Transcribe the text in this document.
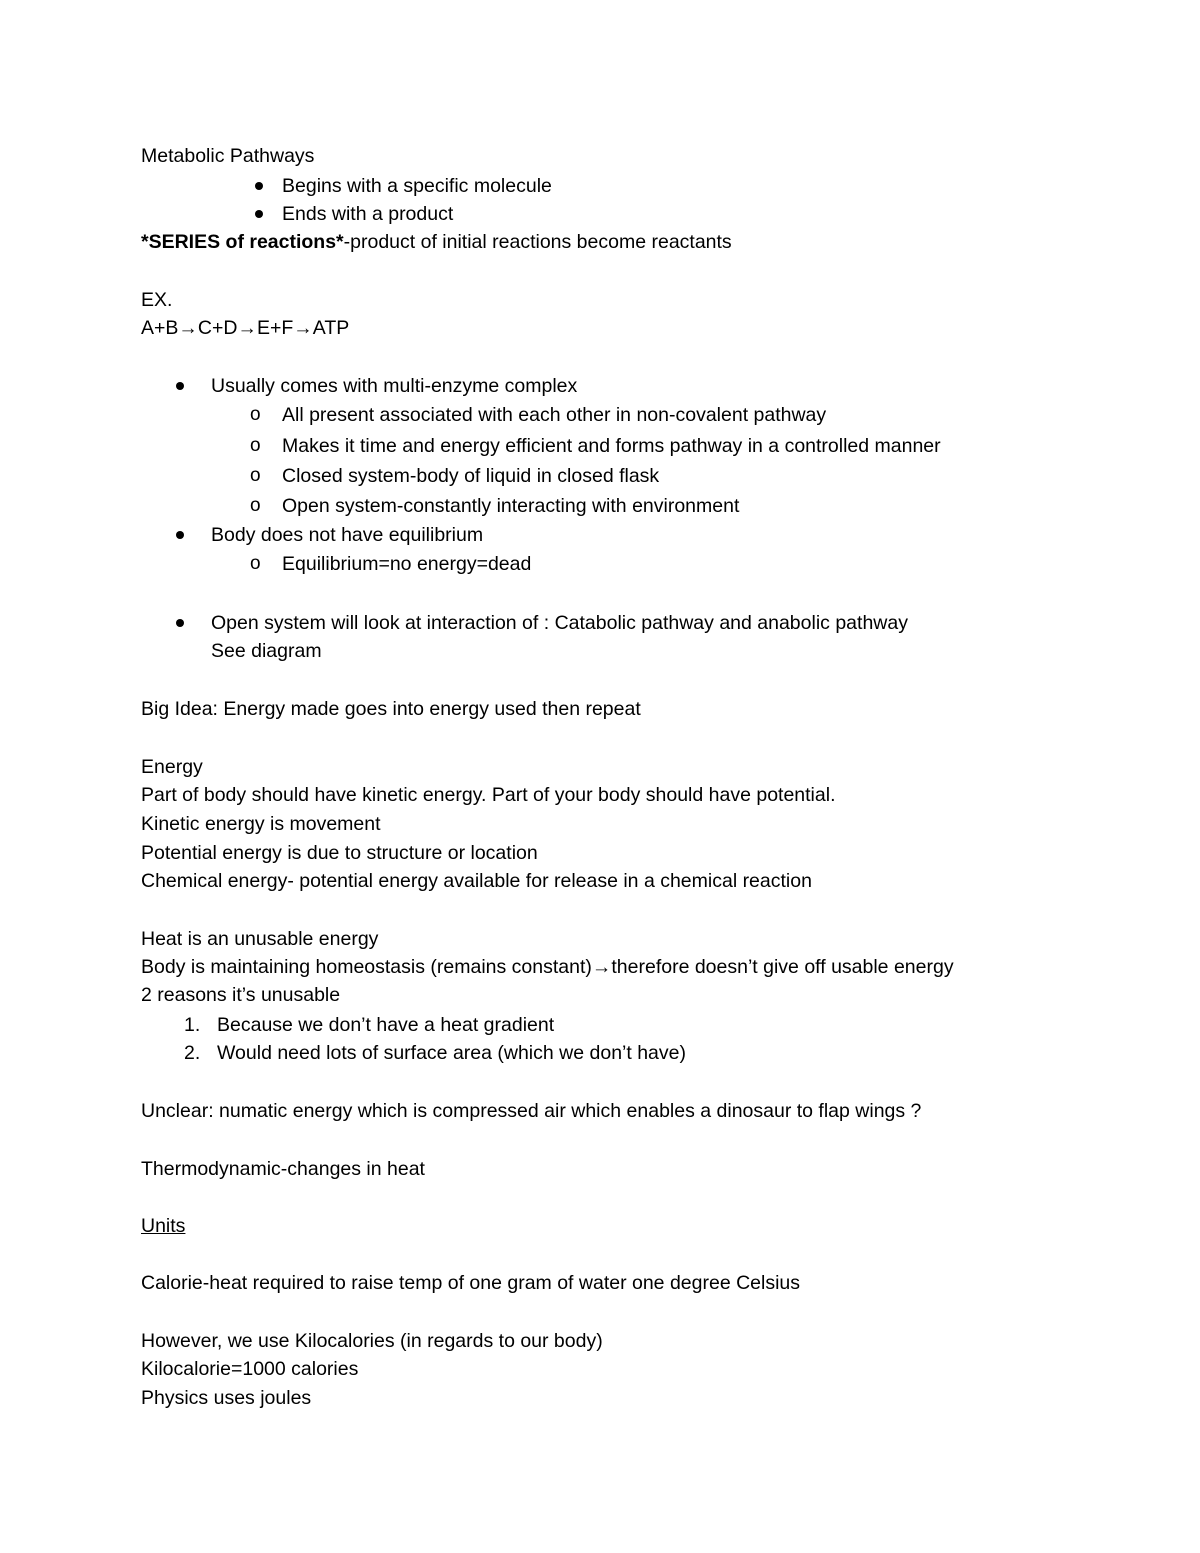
Metabolic Pathways
Begins with a specific molecule
Ends with a product
*SERIES of reactions*-product of initial reactions become reactants
EX.
A+B→C+D→E+F→ATP
Usually comes with multi-enzyme complex
o All present associated with each other in non-covalent pathway
o Makes it time and energy efficient and forms pathway in a controlled manner
o Closed system-body of liquid in closed flask
o Open system-constantly interacting with environment
Body does not have equilibrium
o Equilibrium=no energy=dead
Open system will look at interaction of : Catabolic pathway and anabolic pathway
See diagram
Big Idea: Energy made goes into energy used then repeat
Energy
Part of body should have kinetic energy. Part of your body should have potential.
Kinetic energy is movement
Potential energy is due to structure or location
Chemical energy- potential energy available for release in a chemical reaction
Heat is an unusable energy
Body is maintaining homeostasis (remains constant)→therefore doesn’t give off usable energy
2 reasons it’s unusable
1. Because we don’t have a heat gradient
2. Would need lots of surface area (which we don’t have)
Unclear: numatic energy which is compressed air which enables a dinosaur to flap wings ?
Thermodynamic-changes in heat
Units
Calorie-heat required to raise temp of one gram of water one degree Celsius
However, we use Kilocalories (in regards to our body)
Kilocalorie=1000 calories
Physics uses joules
